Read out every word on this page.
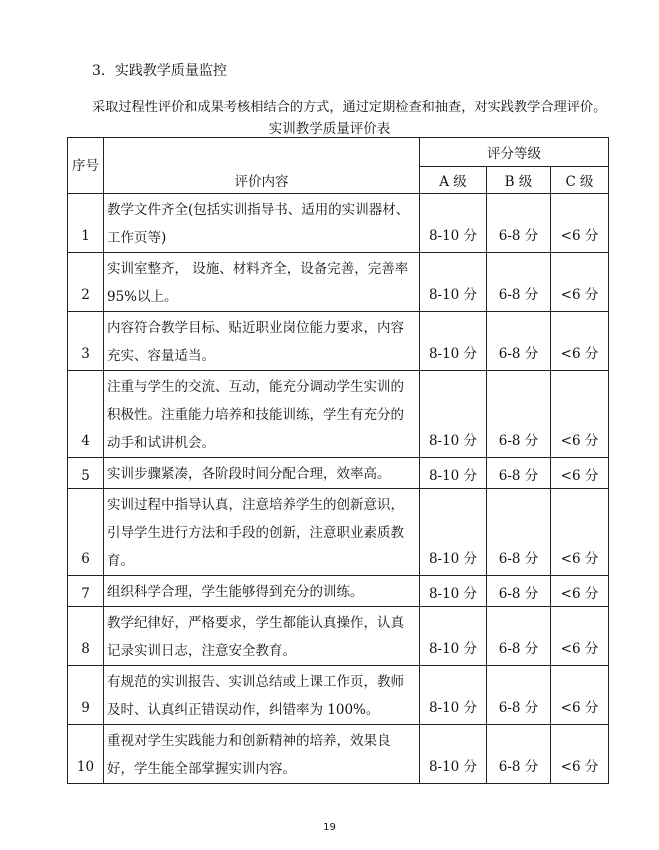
3．实践教学质量监控
采取过程性评价和成果考核相结合的方式，通过定期检查和抽查，对实践教学合理评价。
实训教学质量评价表
序号	评价内容	评分等级		
		A 级	B 级	C 级
1	教学文件齐全(包括实训指导书、适用的实训器材、工作页等)	8-10 分	6-8 分	<6 分
2	实训室整齐， 设施、材料齐全，设备完善，完善率 95%以上。	8-10 分	6-8 分	<6 分
3	内容符合教学目标、贴近职业岗位能力要求，内容充实、容量适当。	8-10 分	6-8 分	<6 分
4	注重与学生的交流、互动，能充分调动学生实训的积极性。注重能力培养和技能训练，学生有充分的动手和试讲机会。	8-10 分	6-8 分	<6 分
5	实训步骤紧凑，各阶段时间分配合理，效率高。	8-10 分	6-8 分	<6 分
6	实训过程中指导认真，注意培养学生的创新意识，引导学生进行方法和手段的创新，注意职业素质教育。	8-10 分	6-8 分	<6 分
7	组织科学合理，学生能够得到充分的训练。	8-10 分	6-8 分	<6 分
8	教学纪律好，严格要求，学生都能认真操作，认真记录实训日志，注意安全教育。	8-10 分	6-8 分	<6 分
9	有规范的实训报告、实训总结或上课工作页，教师及时、认真纠正错误动作，纠错率为 100%。	8-10 分	6-8 分	<6 分
10	重视对学生实践能力和创新精神的培养，效果良好，学生能全部掌握实训内容。	8-10 分	6-8 分	<6 分
19
